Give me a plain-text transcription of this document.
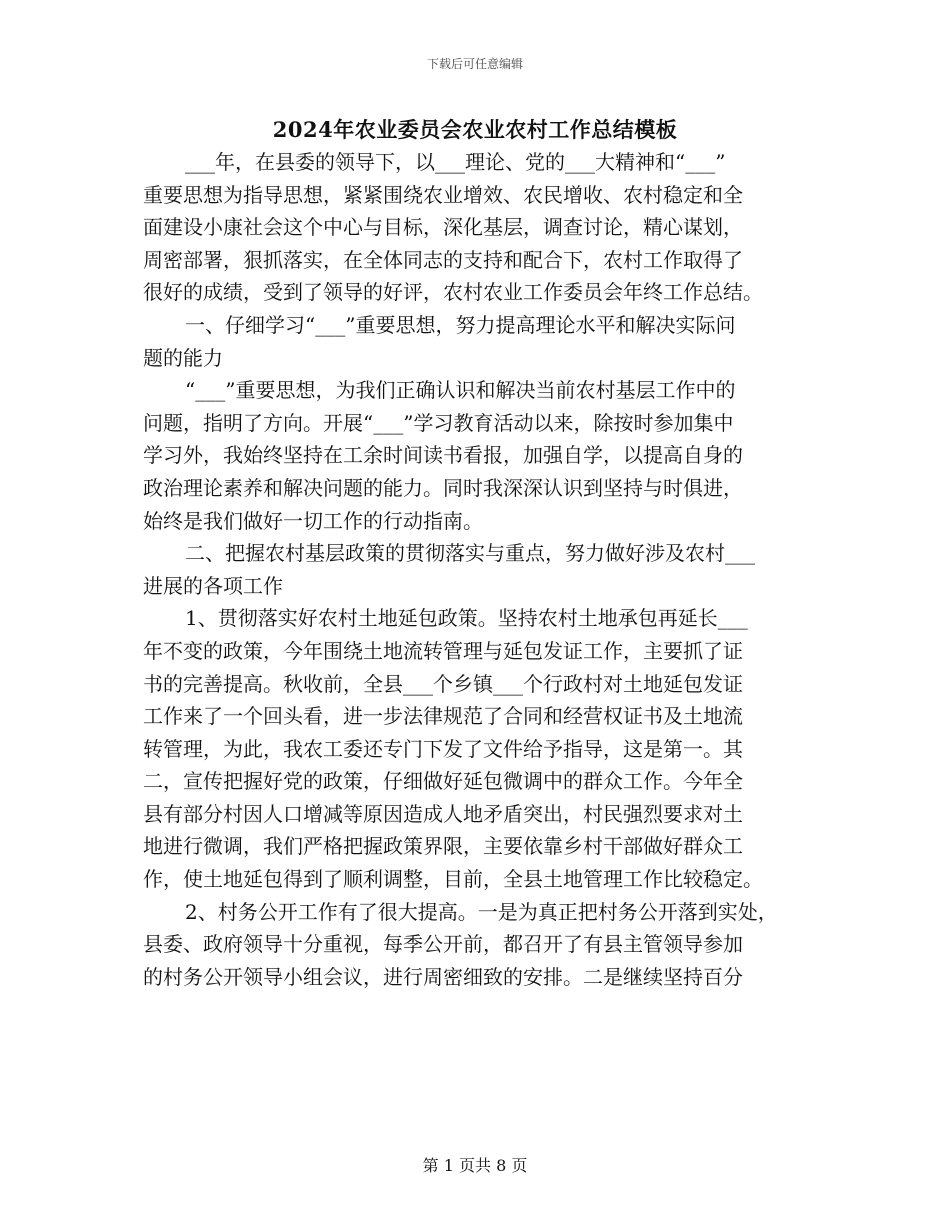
下载后可任意编辑
2024年农业委员会农业农村工作总结模板
___年，在县委的领导下，以___理论、党的___大精神和“___”
重要思想为指导思想，紧紧围绕农业增效、农民增收、农村稳定和全
面建设小康社会这个中心与目标，深化基层，调查讨论，精心谋划，
周密部署，狠抓落实，在全体同志的支持和配合下，农村工作取得了
很好的成绩，受到了领导的好评，农村农业工作委员会年终工作总结。
一、仔细学习“___”重要思想，努力提高理论水平和解决实际问
题的能力
“___”重要思想，为我们正确认识和解决当前农村基层工作中的
问题，指明了方向。开展“___”学习教育活动以来，除按时参加集中
学习外，我始终坚持在工余时间读书看报，加强自学，以提高自身的
政治理论素养和解决问题的能力。同时我深深认识到坚持与时俱进，
始终是我们做好一切工作的行动指南。
二、把握农村基层政策的贯彻落实与重点，努力做好涉及农村___
进展的各项工作
1、贯彻落实好农村土地延包政策。坚持农村土地承包再延长___
年不变的政策，今年围绕土地流转管理与延包发证工作，主要抓了证
书的完善提高。秋收前，全县___个乡镇___个行政村对土地延包发证
工作来了一个回头看，进一步法律规范了合同和经营权证书及土地流
转管理，为此，我农工委还专门下发了文件给予指导，这是第一。其
二，宣传把握好党的政策，仔细做好延包微调中的群众工作。今年全
县有部分村因人口增减等原因造成人地矛盾突出，村民强烈要求对土
地进行微调，我们严格把握政策界限，主要依靠乡村干部做好群众工
作，使土地延包得到了顺利调整，目前，全县土地管理工作比较稳定。
2、村务公开工作有了很大提高。一是为真正把村务公开落到实处，
县委、政府领导十分重视，每季公开前，都召开了有县主管领导参加
的村务公开领导小组会议，进行周密细致的安排。二是继续坚持百分
第 1 页共 8 页
